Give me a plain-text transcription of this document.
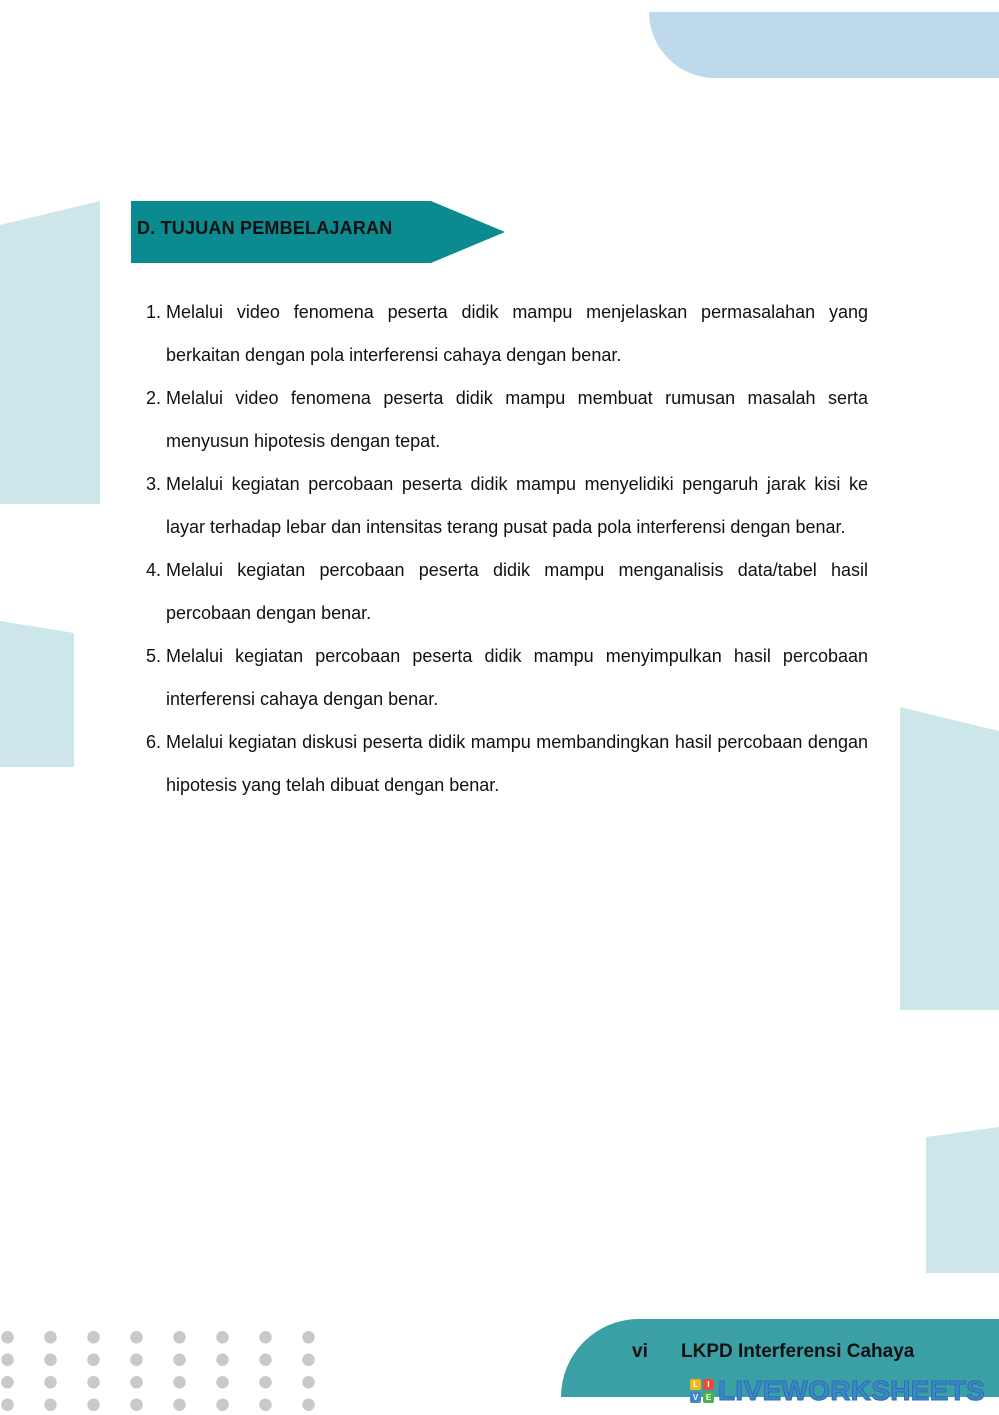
D. TUJUAN PEMBELAJARAN
1. Melalui video fenomena peserta didik mampu menjelaskan permasalahan yang berkaitan dengan pola interferensi cahaya dengan benar.
2. Melalui video fenomena peserta didik mampu membuat rumusan masalah serta menyusun hipotesis dengan tepat.
3. Melalui kegiatan percobaan peserta didik mampu menyelidiki pengaruh jarak kisi ke layar terhadap lebar dan intensitas terang pusat pada pola interferensi dengan benar.
4. Melalui kegiatan percobaan peserta didik mampu menganalisis data/tabel hasil percobaan dengan benar.
5. Melalui kegiatan percobaan peserta didik mampu menyimpulkan hasil percobaan interferensi cahaya dengan benar.
6. Melalui kegiatan diskusi peserta didik mampu membandingkan hasil percobaan dengan hipotesis yang telah dibuat dengan benar.
vi LKPD Interferensi Cahaya
L	I
V E LIVEWORKSHEETS
